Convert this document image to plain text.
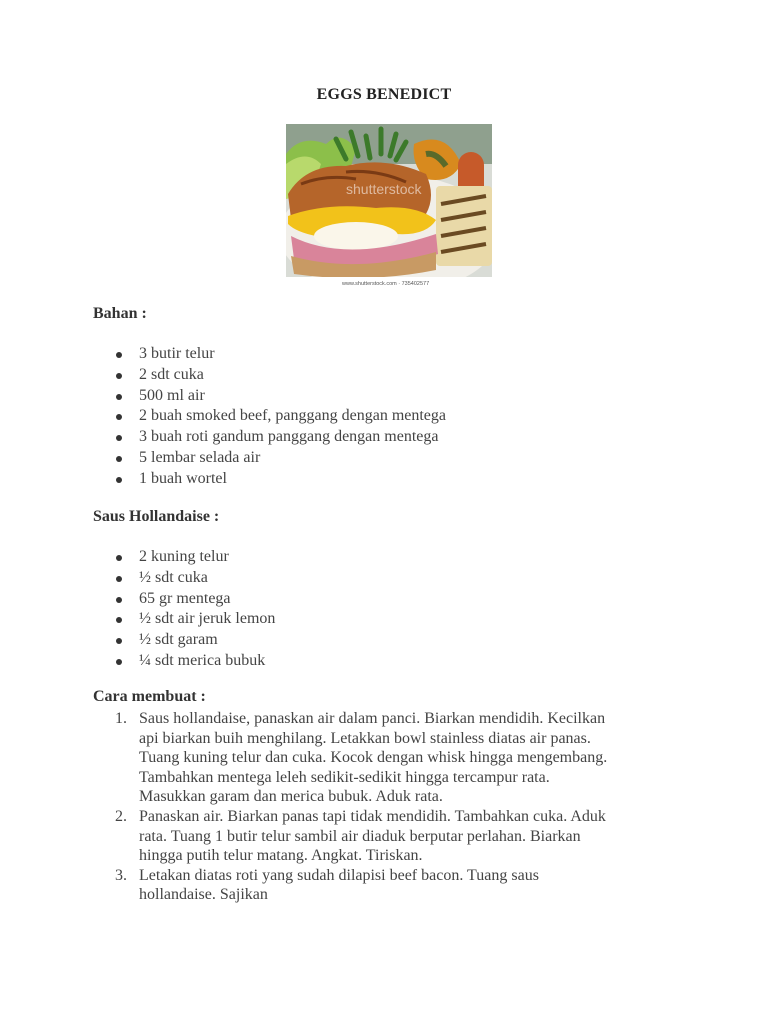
EGGS BENEDICT
shutterstock
www.shutterstock.com · 735402577
Bahan :
3 butir telur
2 sdt cuka
500 ml air
2 buah smoked beef, panggang dengan mentega
3 buah roti gandum panggang dengan mentega
5 lembar selada air
1 buah wortel
Saus Hollandaise :
2 kuning telur
½ sdt cuka
65 gr mentega
½ sdt air jeruk lemon
½ sdt garam
¼ sdt merica bubuk
Cara membuat :
1. Saus hollandaise, panaskan air dalam panci. Biarkan mendidih. Kecilkan
api biarkan buih menghilang. Letakkan bowl stainless diatas air panas.
Tuang kuning telur dan cuka. Kocok dengan whisk hingga mengembang.
Tambahkan mentega leleh sedikit-sedikit hingga tercampur rata.
Masukkan garam dan merica bubuk. Aduk rata.
2. Panaskan air. Biarkan panas tapi tidak mendidih. Tambahkan cuka. Aduk
rata. Tuang 1 butir telur sambil air diaduk berputar perlahan. Biarkan
hingga putih telur matang. Angkat. Tiriskan.
3. Letakan diatas roti yang sudah dilapisi beef bacon. Tuang saus
hollandaise. Sajikan
